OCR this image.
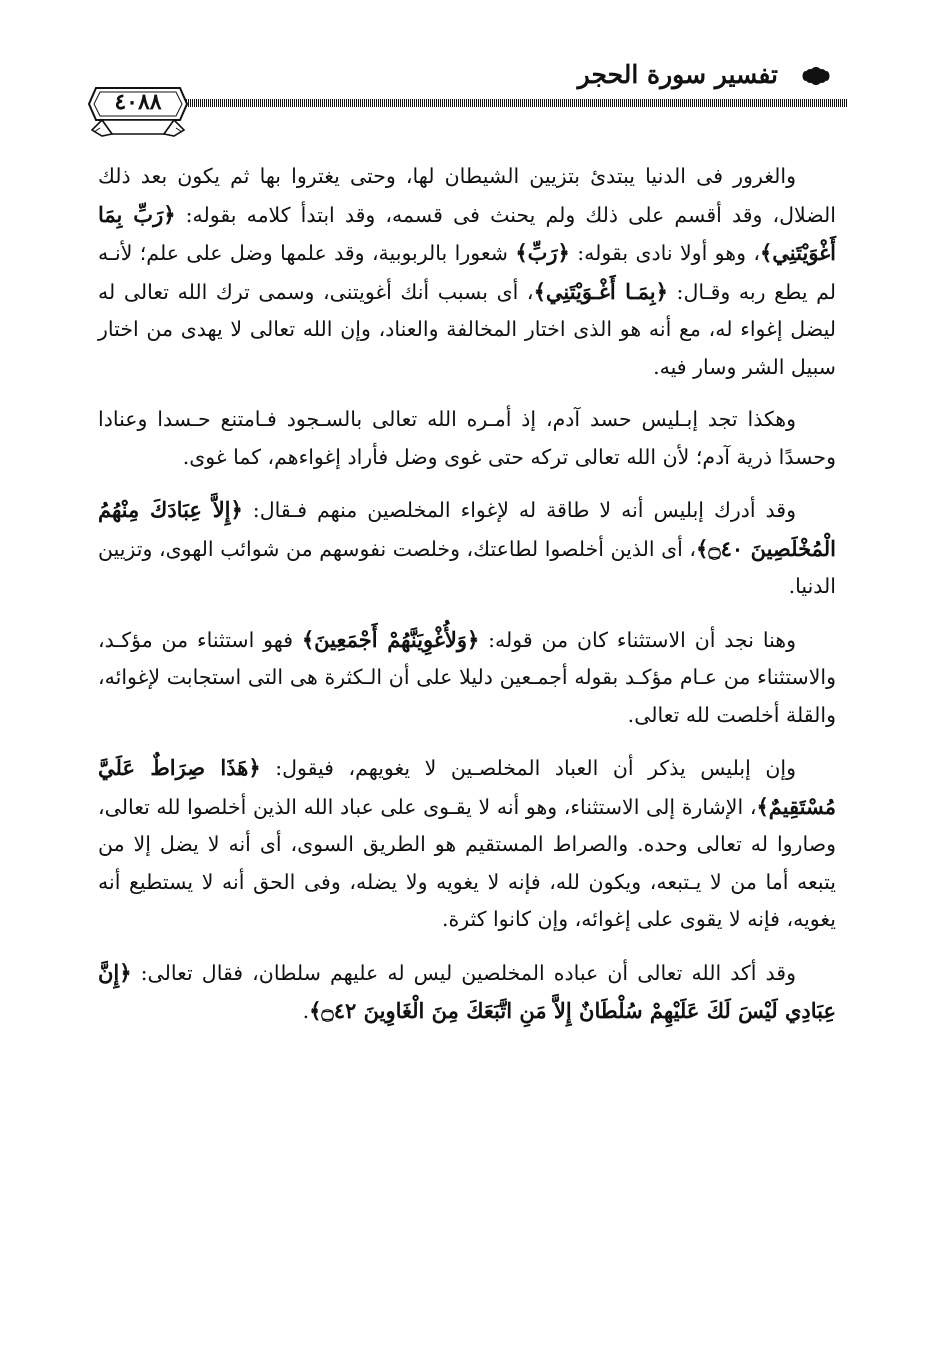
تفسير سورة الحجر
٤٠٨٨

والغرور فى الدنيا يبتدئ بتزيين الشيطان لها، وحتى يغتروا بها ثم يكون بعد ذلك الضلال، وقد أقسم على ذلك ولم يحنث فى قسمه، وقد ابتدأ كلامه بقوله: ﴿رَبِّ بِمَا أَغْوَيْتَنِي﴾، وهو أولا نادى بقوله: ﴿رَبِّ﴾ شعورا بالربوبية، وقد علمها وضل على علم؛ لأنـه لم يطع ربه وقـال: ﴿بِمَـا أَغْـوَيْتَنِي﴾، أى بسبب أنك أغويتنى، وسمى ترك الله تعالى له ليضل إغواء له، مع أنه هو الذى اختار المخالفة والعناد، وإن الله تعالى لا يهدى من اختار سبيل الشر وسار فيه.

وهكذا تجد إبـليس حسد آدم، إذ أمـره الله تعالى بالسـجود فـامتنع حـسدا وعنادا وحسدًا ذرية آدم؛ لأن الله تعالى تركه حتى غوى وضل فأراد إغواءهم، كما غوى.

وقد أدرك إبليس أنه لا طاقة له لإغواء المخلصين منهم فـقال: ﴿إِلاَّ عِبَادَكَ مِنْهُمُ الْمُخْلَصِينَ ۝٤٠﴾، أى الذين أخلصوا لطاعتك، وخلصت نفوسهم من شوائب الهوى، وتزيين الدنيا.

وهنا نجد أن الاستثناء كان من قوله: ﴿وَلأُغْوِيَنَّهُمْ أَجْمَعِينَ﴾ فهو استثناء من مؤكـد، والاستثناء من عـام مؤكـد بقوله أجمـعين دليلا على أن الـكثرة هى التى استجابت لإغوائه، والقلة أخلصت لله تعالى.

وإن إبليس يذكر أن العباد المخلصـين لا يغويهم، فيقول: ﴿هَذَا صِرَاطٌ عَلَيَّ مُسْتَقِيمٌ﴾، الإشارة إلى الاستثناء، وهو أنه لا يقـوى على عباد الله الذين أخلصوا لله تعالى، وصاروا له تعالى وحده. والصراط المستقيم هو الطريق السوى، أى أنه لا يضل إلا من يتبعه أما من لا يـتبعه، ويكون لله، فإنه لا يغويه ولا يضله، وفى الحق أنه لا يستطيع أنه يغويه، فإنه لا يقوى على إغوائه، وإن كانوا كثرة.

وقد أكد الله تعالى أن عباده المخلصين ليس له عليهم سلطان، فقال تعالى: ﴿إِنَّ عِبَادِي لَيْسَ لَكَ عَلَيْهِمْ سُلْطَانٌ إِلاَّ مَنِ اتَّبَعَكَ مِنَ الْغَاوِينَ ۝٤٢﴾.
